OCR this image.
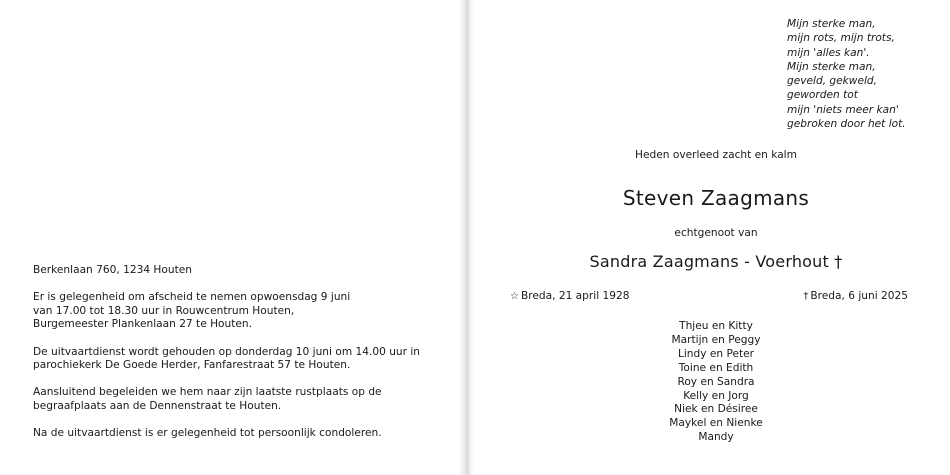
Berkenlaan 760, 1234 Houten
Er is gelegenheid om afscheid te nemen opwoensdag 9 juni
van 17.00 tot 18.30 uur in Rouwcentrum Houten,
Burgemeester Plankenlaan 27 te Houten.
De uitvaartdienst wordt gehouden op donderdag 10 juni om 14.00 uur in
parochiekerk De Goede Herder, Fanfarestraat 57 te Houten.
Aansluitend begeleiden we hem naar zijn laatste rustplaats op de
begraafplaats aan de Dennenstraat te Houten.
Na de uitvaartdienst is er gelegenheid tot persoonlijk condoleren.
Mijn sterke man,
mijn rots, mijn trots,
mijn 'alles kan'.
Mijn sterke man,
geveld, gekweld,
geworden tot
mijn 'niets meer kan'
gebroken door het lot.
Heden overleed zacht en kalm
Steven Zaagmans
echtgenoot van
Sandra Zaagmans - Voerhout †
☆ Breda, 21 april 1928	† Breda, 6 juni 2025
Thjeu en Kitty
Martijn en Peggy
Lindy en Peter
Toine en Edith
Roy en Sandra
Kelly en Jorg
Niek en Désiree
Maykel en Nienke
Mandy
